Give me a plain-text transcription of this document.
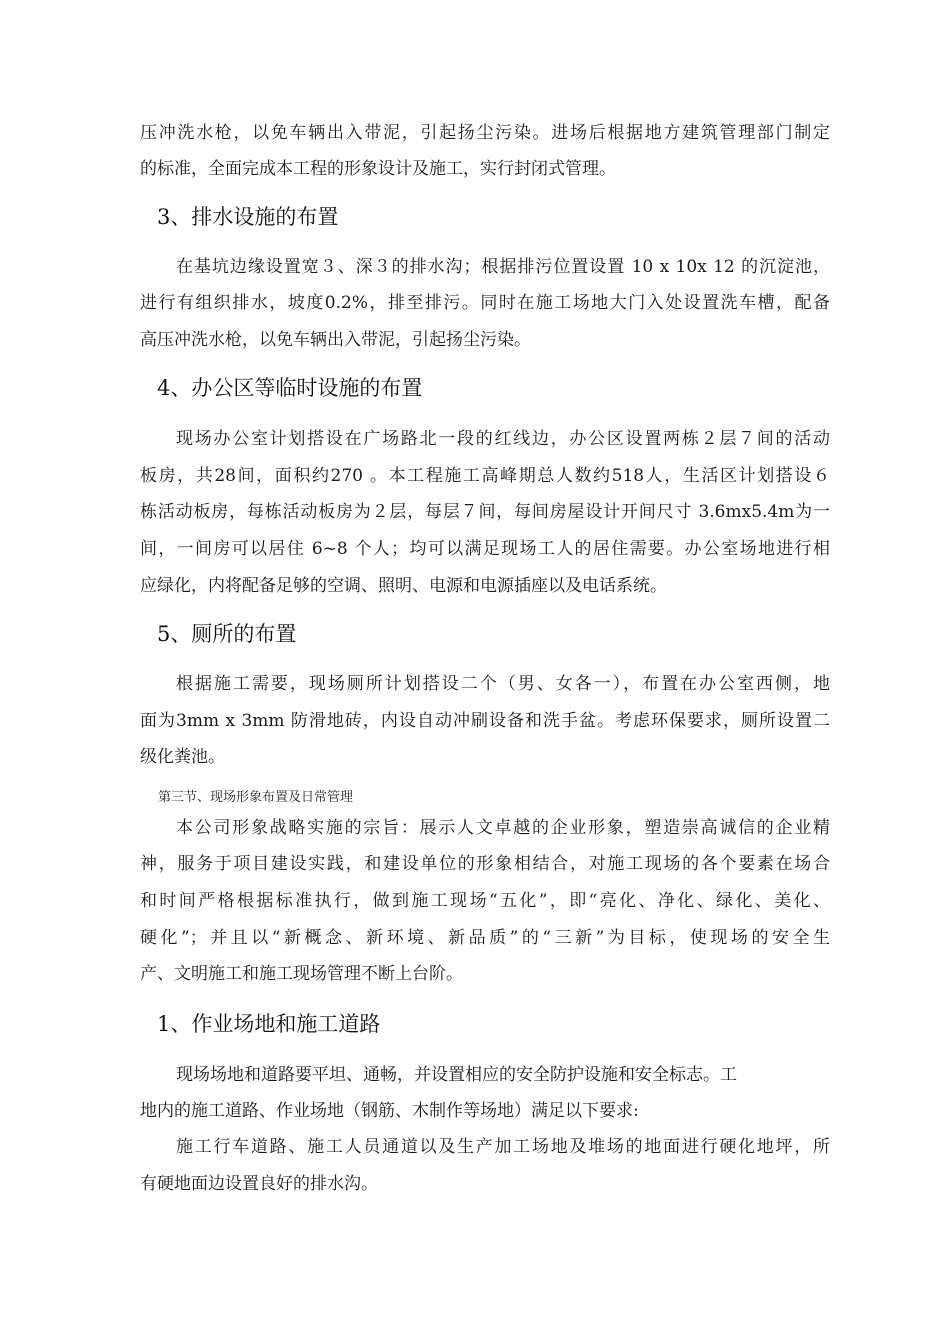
压冲洗水枪，以免车辆出入带泥，引起扬尘污染。进场后根据地方建筑管理部门制定
的标准，全面完成本工程的形象设计及施工，实行封闭式管理。
3、排水设施的布置
在基坑边缘设置宽３、深３的排水沟；根据排污位置设置 10 x 10x 12 的沉淀池，
进行有组织排水，坡度0.2%，排至排污。同时在施工场地大门入处设置洗车槽，配备
高压冲洗水枪，以免车辆出入带泥，引起扬尘污染。
4、办公区等临时设施的布置
现场办公室计划搭设在广场路北一段的红线边，办公区设置两栋２层７间的活动
板房，共28间，面积约270 。本工程施工高峰期总人数约518人，生活区计划搭设６
栋活动板房，每栋活动板房为２层，每层７间，每间房屋设计开间尺寸 3.6mx5.4m为一
间，一间房可以居住 6~8 个人；均可以满足现场工人的居住需要。办公室场地进行相
应绿化，内将配备足够的空调、照明、电源和电源插座以及电话系统。
5、厕所的布置
根据施工需要，现场厕所计划搭设二个（男、女各一），布置在办公室西侧，地
面为3mm x 3mm 防滑地砖，内设自动冲刷设备和洗手盆。考虑环保要求，厕所设置二
级化粪池。
第三节、现场形象布置及日常管理
本公司形象战略实施的宗旨：展示人文卓越的企业形象，塑造崇高诚信的企业精
神，服务于项目建设实践，和建设单位的形象相结合，对施工现场的各个要素在场合
和时间严格根据标准执行，做到施工现场“五化”，即“亮化、净化、绿化、美化、
硬化”；并且以“新概念、新环境、新品质”的“三新”为目标，使现场的安全生
产、文明施工和施工现场管理不断上台阶。
1、作业场地和施工道路
现场场地和道路要平坦、通畅，并设置相应的安全防护设施和安全标志。工
地内的施工道路、作业场地（钢筋、木制作等场地）满足以下要求:
施工行车道路、施工人员通道以及生产加工场地及堆场的地面进行硬化地坪，所
有硬地面边设置良好的排水沟。
